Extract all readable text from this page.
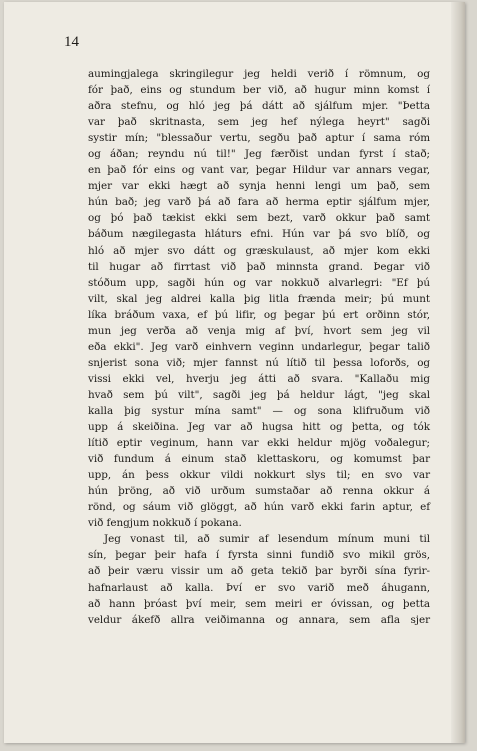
14
aumingjalega skringilegur jeg heldi verið í römnum, og
fór það, eins og stundum ber við, að hugur minn komst í
aðra stefnu, og hló jeg þá dátt að sjálfum mjer. "Þetta
var það skritnasta, sem jeg hef nýlega heyrt" sagði
systir mín; "blessaður vertu, segðu það aptur í sama róm
og áðan; reyndu nú til!" Jeg færðist undan fyrst í stað;
en það fór eins og vant var, þegar Hildur var annars vegar,
mjer var ekki hægt að synja henni lengi um það, sem
hún bað; jeg varð þá að fara að herma eptir sjálfum mjer,
og þó það tækist ekki sem bezt, varð okkur það samt
báðum nægilegasta hláturs efni. Hún var þá svo blíð, og
hló að mjer svo dátt og græskulaust, að mjer kom ekki
til hugar að firrtast við það minnsta grand. Þegar við
stóðum upp, sagði hún og var nokkuð alvarlegri: "Ef þú
vilt, skal jeg aldrei kalla þig litla frænda meir; þú munt
líka bráðum vaxa, ef þú lifir, og þegar þú ert orðinn stór,
mun jeg verða að venja mig af því, hvort sem jeg vil
eða ekki". Jeg varð einhvern veginn undarlegur, þegar talið
snjerist sona við; mjer fannst nú lítið til þessa loforðs, og
vissi ekki vel, hverju jeg átti að svara. "Kallaðu mig
hvað sem þú vilt", sagði jeg þá heldur lágt, "jeg skal
kalla þig systur mína samt" — og sona klifruðum við
upp á skeiðina. Jeg var að hugsa hitt og þetta, og tók
lítið eptir veginum, hann var ekki heldur mjög voðalegur;
við fundum á einum stað klettaskoru, og komumst þar
upp, án þess okkur vildi nokkurt slys til; en svo var
hún þröng, að við urðum sumstaðar að renna okkur á
rönd, og sáum við glöggt, að hún varð ekki farin aptur, ef
við fengjum nokkuð í pokana.
Jeg vonast til, að sumir af lesendum mínum muni til
sín, þegar þeir hafa í fyrsta sinni fundið svo mikil grös,
að þeir væru vissir um að geta tekið þar byrði sína fyrir-
hafnarlaust að kalla. Því er svo varið með áhugann,
að hann þróast því meir, sem meiri er óvissan, og þetta
veldur ákefð allra veiðimanna og annara, sem afla sjer
